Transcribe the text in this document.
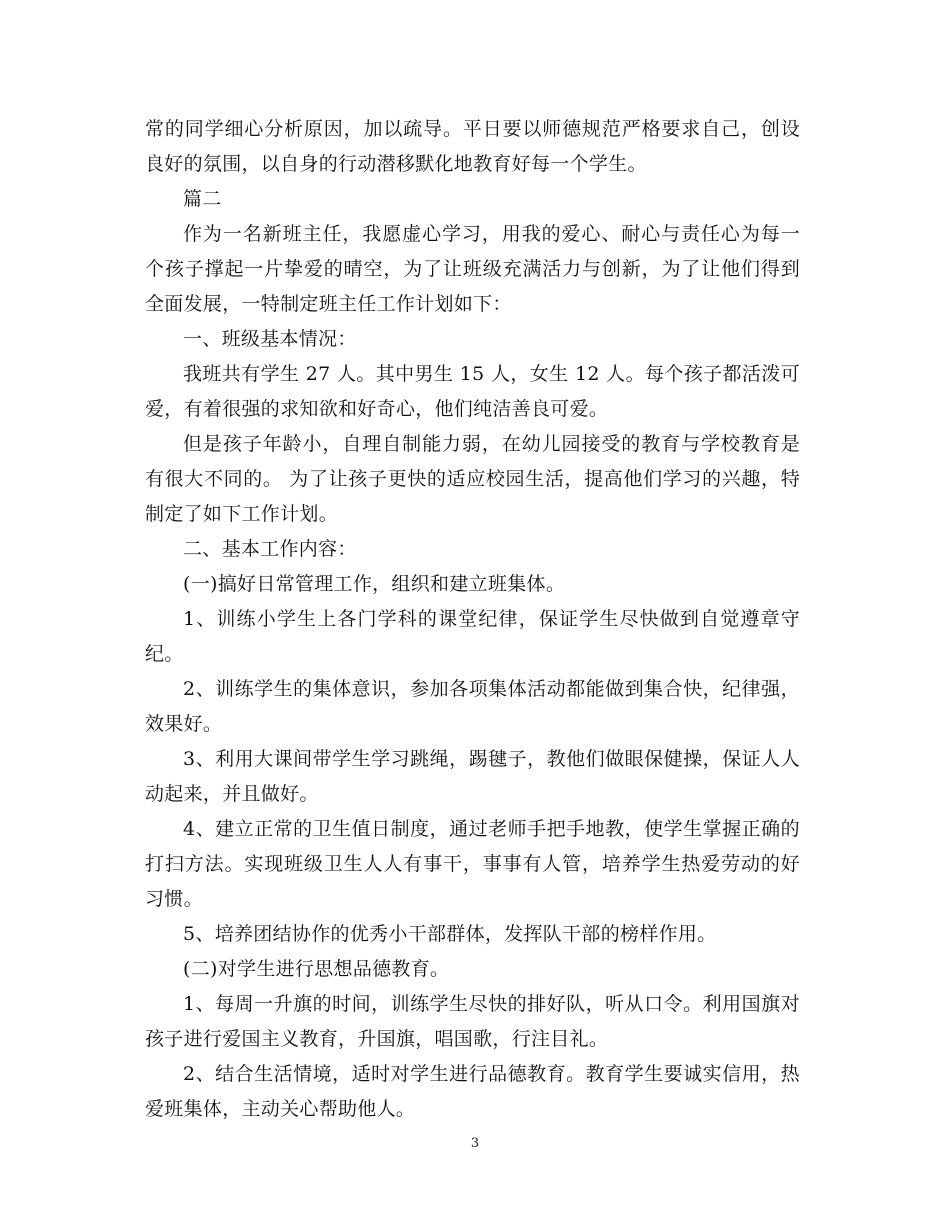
常的同学细心分析原因，加以疏导。平日要以师德规范严格要求自己，创设良好的氛围，以自身的行动潜移默化地教育好每一个学生。

篇二

作为一名新班主任，我愿虚心学习，用我的爱心、耐心与责任心为每一个孩子撑起一片挚爱的晴空，为了让班级充满活力与创新，为了让他们得到全面发展，一特制定班主任工作计划如下：

一、班级基本情况：

我班共有学生 27 人。其中男生 15 人，女生 12 人。每个孩子都活泼可爱，有着很强的求知欲和好奇心，他们纯洁善良可爱。

但是孩子年龄小，自理自制能力弱，在幼儿园接受的教育与学校教育是有很大不同的。 为了让孩子更快的适应校园生活，提高他们学习的兴趣，特制定了如下工作计划。

二、基本工作内容：

(一)搞好日常管理工作，组织和建立班集体。

1、训练小学生上各门学科的课堂纪律，保证学生尽快做到自觉遵章守纪。

2、训练学生的集体意识，参加各项集体活动都能做到集合快，纪律强，效果好。

3、利用大课间带学生学习跳绳，踢毽子，教他们做眼保健操，保证人人动起来，并且做好。

4、建立正常的卫生值日制度，通过老师手把手地教，使学生掌握正确的打扫方法。实现班级卫生人人有事干，事事有人管，培养学生热爱劳动的好习惯。

5、培养团结协作的优秀小干部群体，发挥队干部的榜样作用。

(二)对学生进行思想品德教育。

1、每周一升旗的时间，训练学生尽快的排好队，听从口令。利用国旗对孩子进行爱国主义教育，升国旗，唱国歌，行注目礼。

2、结合生活情境，适时对学生进行品德教育。教育学生要诚实信用，热爱班集体，主动关心帮助他人。

3
